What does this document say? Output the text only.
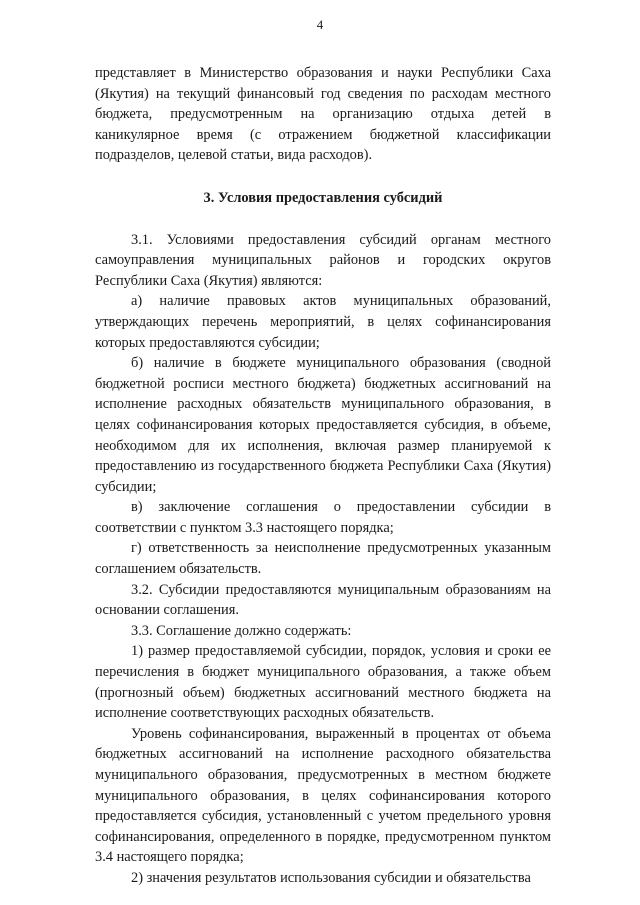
4

представляет в Министерство образования и науки Республики Саха (Якутия) на текущий финансовый год сведения по расходам местного бюджета, предусмотренным на организацию отдыха детей в каникулярное время (с отражением бюджетной классификации подразделов, целевой статьи, вида расходов).

3. Условия предоставления субсидий

3.1. Условиями предоставления субсидий органам местного самоуправления муниципальных районов и городских округов Республики Саха (Якутия) являются:

а) наличие правовых актов муниципальных образований, утверждающих перечень мероприятий, в целях софинансирования которых предоставляются субсидии;

б) наличие в бюджете муниципального образования (сводной бюджетной росписи местного бюджета) бюджетных ассигнований на исполнение расходных обязательств муниципального образования, в целях софинансирования которых предоставляется субсидия, в объеме, необходимом для их исполнения, включая размер планируемой к предоставлению из государственного бюджета Республики Саха (Якутия) субсидии;

в) заключение соглашения о предоставлении субсидии в соответствии с пунктом 3.3 настоящего порядка;

г) ответственность за неисполнение предусмотренных указанным соглашением обязательств.

3.2. Субсидии предоставляются муниципальным образованиям на основании соглашения.

3.3. Соглашение должно содержать:

1) размер предоставляемой субсидии, порядок, условия и сроки ее перечисления в бюджет муниципального образования, а также объем (прогнозный объем) бюджетных ассигнований местного бюджета на исполнение соответствующих расходных обязательств.

Уровень софинансирования, выраженный в процентах от объема бюджетных ассигнований на исполнение расходного обязательства муниципального образования, предусмотренных в местном бюджете муниципального образования, в целях софинансирования которого предоставляется субсидия, установленный с учетом предельного уровня софинансирования, определенного в порядке, предусмотренном пунктом 3.4 настоящего порядка;

2) значения результатов использования субсидии и обязательства
